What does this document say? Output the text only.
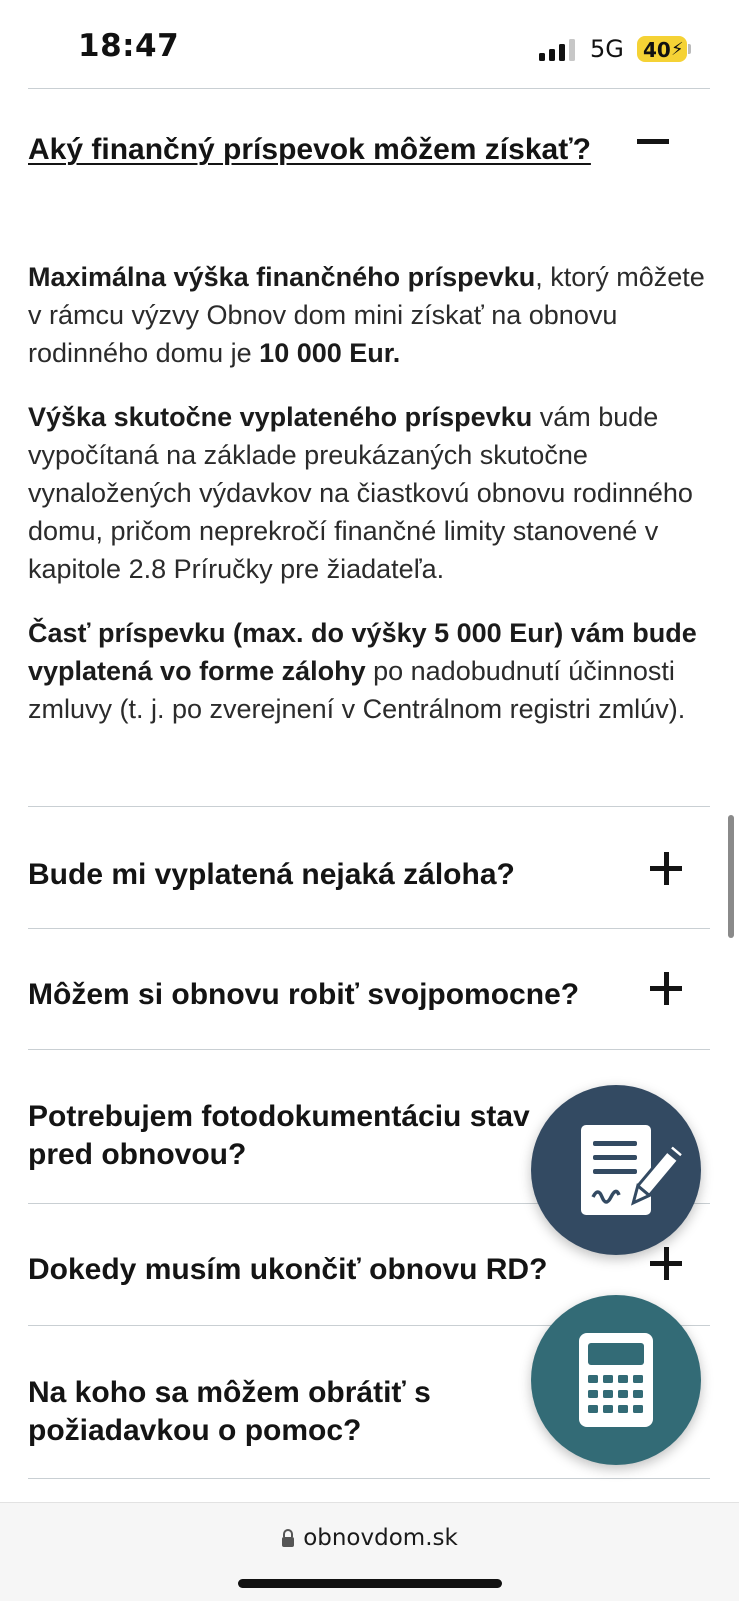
18:47	5G 40 ⚡
Aký finančný príspevok môžem získať?

Maximálna výška finančného príspevku, ktorý môžete v rámcu výzvy Obnov dom mini získať na obnovu rodinného domu je 10 000 Eur.

Výška skutočne vyplateného príspevku vám bude vypočítaná na základe preukázaných skutočne vynaložených výdavkov na čiastkovú obnovu rodinného domu, pričom neprekročí finančné limity stanovené v kapitole 2.8 Príručky pre žiadateľa.

Časť príspevku (max. do výšky 5 000 Eur) vám bude vyplatená vo forme zálohy po nadobudnutí účinnosti zmluvy (t. j. po zverejnení v Centrálnom registri zmlúv).

Bude mi vyplatená nejaká záloha?
Môžem si obnovu robiť svojpomocne?
Potrebujem fotodokumentáciu stav pred obnovou?
Dokedy musím ukončiť obnovu RD?
Na koho sa môžem obrátiť s požiadavkou o pomoc?
obnovdom.sk
